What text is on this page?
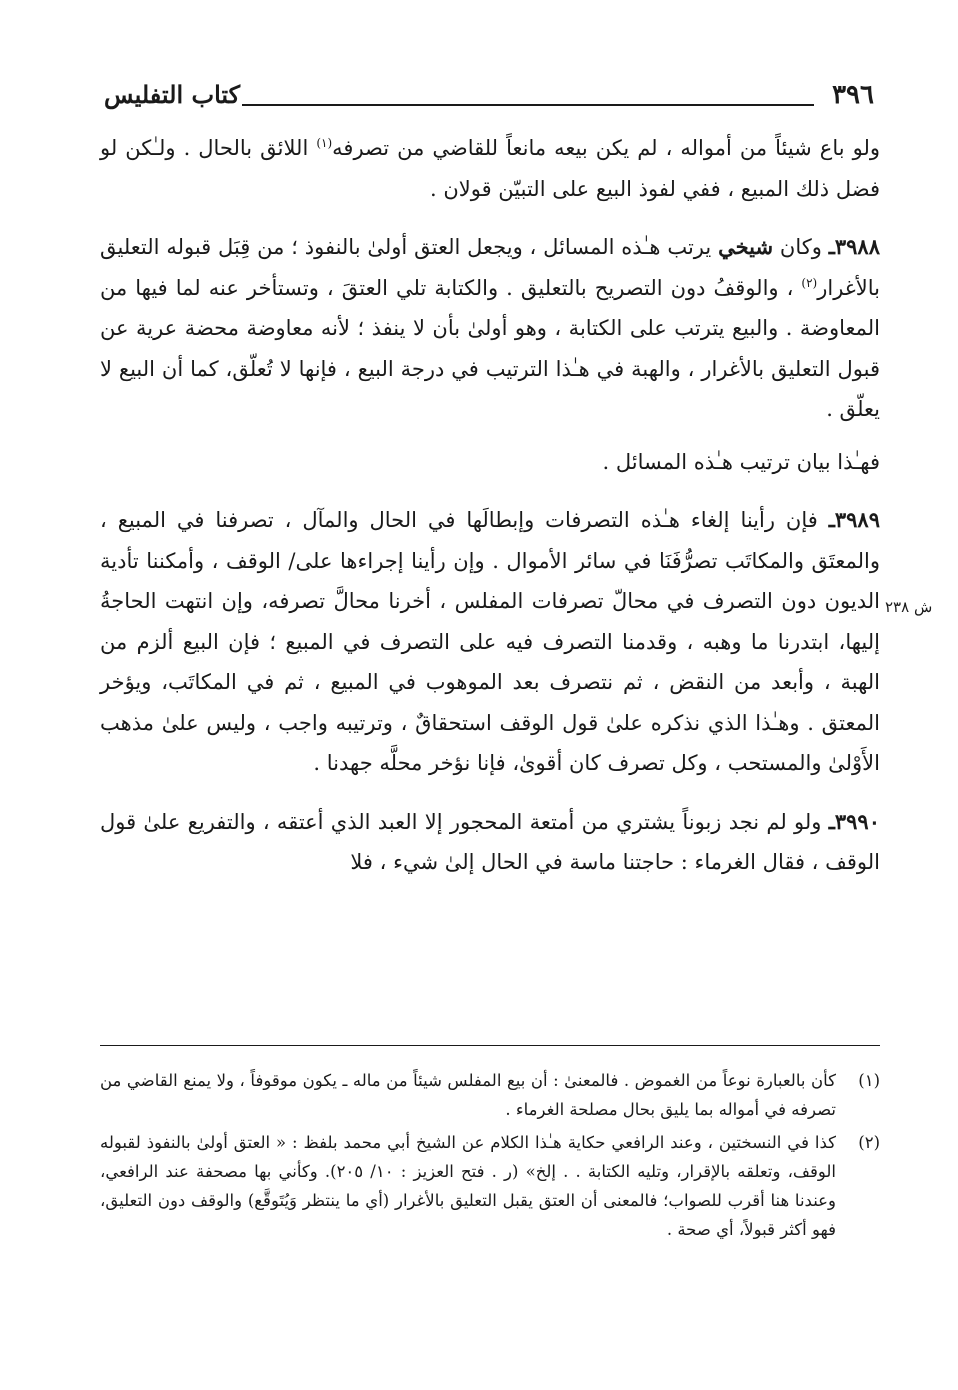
٣٩٦
كتاب التفليس
ش ٢٣٨

ولو باع شيئاً من أمواله ، لم يكن بيعه مانعاً للقاضي من تصرفه$^{(١)}$ اللائق بالحال . ولـٰكن لو فضل ذلك المبيع ، ففي لفوذ البيع على التبيّن قولان .

٣٩٨٨ـ وكان شيخي يرتب هـٰذه المسائل ، ويجعل العتق أولىٰ بالنفوذ ؛ من قِبَل قبوله التعليق بالأغرار$^{(٢)}$ ، والوقفُ دون التصريح بالتعليق . والكتابة تلي العتقَ ، وتستأخر عنه لما فيها من المعاوضة . والبيع يترتب على الكتابة ، وهو أولىٰ بأن لا ينفذ ؛ لأنه معاوضة محضة عرية عن قبول التعليق بالأغرار ، والهبة في هـٰذا الترتيب في درجة البيع ، فإنها لا تُعلّق، كما أن البيع لا يعلّق .

فهـٰذا بيان ترتيب هـٰذه المسائل .

٣٩٨٩ـ فإن رأينا إلغاء هـٰذه التصرفات وإبطالَها في الحال والمآل ، تصرفنا في المبيع ، والمعتَق والمكاتَب تصرُّفَنَا في سائر الأموال . وإن رأينا إجراءها على/ الوقف ، وأمكننا تأدية الديون دون التصرف في محالّ تصرفات المفلس ، أخرنا محالَّ تصرفه، وإن انتهت الحاجةُ إليها، ابتدرنا ما وهبه ، وقدمنا التصرف فيه على التصرف في المبيع ؛ فإن البيع ألزم من الهبة ، وأبعد من النقض ، ثم نتصرف بعد الموهوب في المبيع ، ثم في المكاتَب، ويؤخر المعتق . وهـٰذا الذي نذكره علىٰ قول الوقف استحقاقٌ ، وترتيبه واجب ، وليس علىٰ مذهب الأَوْلىٰ والمستحب ، وكل تصرف كان أقوىٰ، فإنا نؤخر محلَّه جهدنا .

٣٩٩٠ـ ولو لم نجد زبوناً يشتري من أمتعة المحجور إلا العبد الذي أعتقه ، والتفريع علىٰ قول الوقف ، فقال الغرماء : حاجتنا ماسة في الحال إلىٰ شيء ، فلا

(١)
كأن بالعبارة نوعاً من الغموض . فالمعنىٰ : أن بيع المفلس شيئاً من ماله ـ يكون موقوفاً ، ولا يمنع القاضي من تصرفه في أمواله بما يليق بحال مصلحة الغرماء .
(٢)
كذا في النسختين ، وعند الرافعي حكاية هـٰذا الكلام عن الشيخ أبي محمد بلفظ : « العتق أولىٰ بالنفوذ لقبوله الوقف، وتعلقه بالإقرار، وتليه الكتابة . . إلخ» (ر . فتح العزيز : ١٠/ ٢٠٥). وكأني بها مصحفة عند الرافعي، وعندنا هنا أقرب للصواب؛ فالمعنى أن العتق يقبل التعليق بالأغرار (أي ما ينتظر وَيُتَوقَّع) والوقف دون التعليق، فهو أكثر قبولاً، أي صحة .
